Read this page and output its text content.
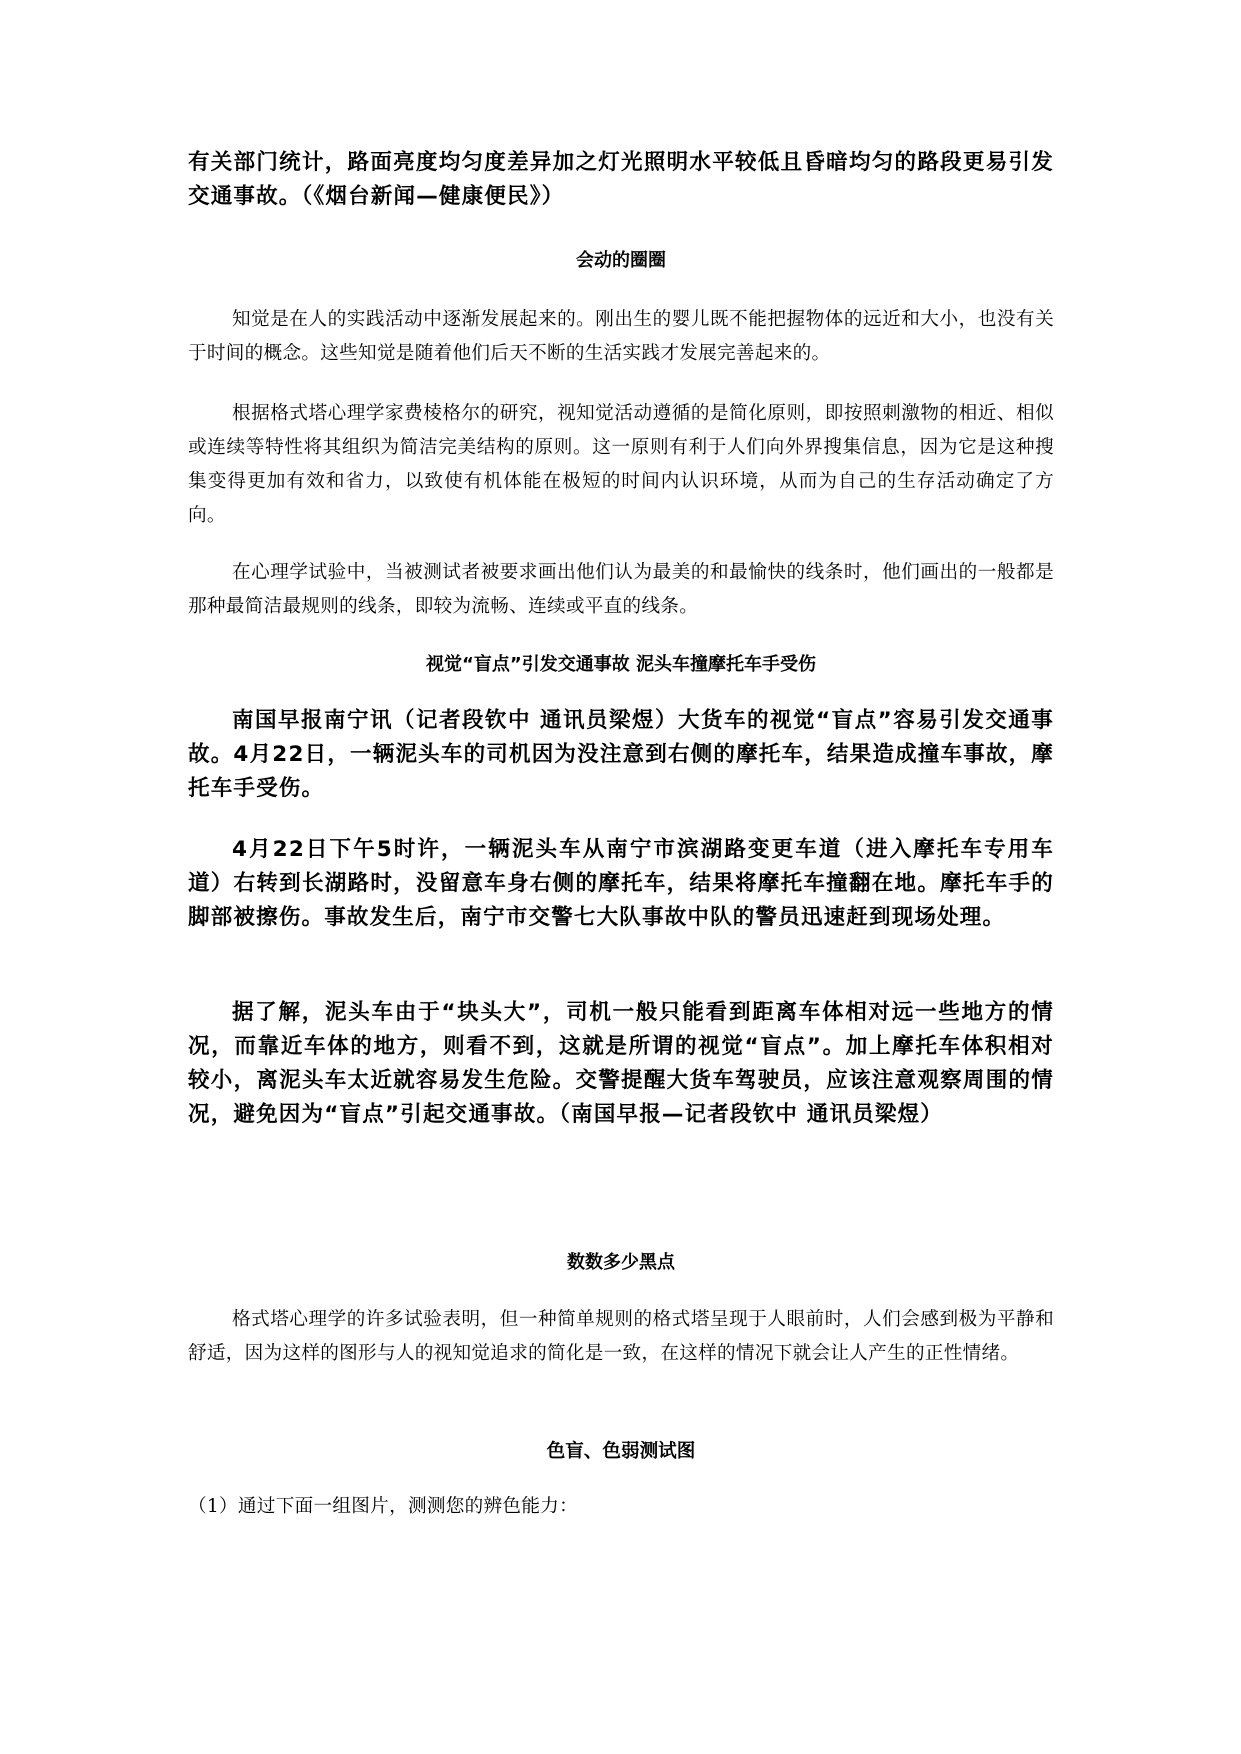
有关部门统计，路面亮度均匀度差异加之灯光照明水平较低且昏暗均匀的路段更易引发交通事故。（《烟台新闻—健康便民》）

会动的圈圈

知觉是在人的实践活动中逐渐发展起来的。刚出生的婴儿既不能把握物体的远近和大小，也没有关于时间的概念。这些知觉是随着他们后天不断的生活实践才发展完善起来的。

根据格式塔心理学家费棱格尔的研究，视知觉活动遵循的是简化原则，即按照刺激物的相近、相似或连续等特性将其组织为简洁完美结构的原则。这一原则有利于人们向外界搜集信息，因为它是这种搜集变得更加有效和省力，以致使有机体能在极短的时间内认识环境，从而为自己的生存活动确定了方向。

在心理学试验中，当被测试者被要求画出他们认为最美的和最愉快的线条时，他们画出的一般都是那种最简洁最规则的线条，即较为流畅、连续或平直的线条。

视觉“盲点”引发交通事故 泥头车撞摩托车手受伤

南国早报南宁讯（记者段钦中 通讯员梁煜）大货车的视觉“盲点”容易引发交通事故。4月22日，一辆泥头车的司机因为没注意到右侧的摩托车，结果造成撞车事故，摩托车手受伤。

4月22日下午5时许，一辆泥头车从南宁市滨湖路变更车道（进入摩托车专用车道）右转到长湖路时，没留意车身右侧的摩托车，结果将摩托车撞翻在地。摩托车手的脚部被擦伤。事故发生后，南宁市交警七大队事故中队的警员迅速赶到现场处理。

据了解，泥头车由于“块头大”，司机一般只能看到距离车体相对远一些地方的情况，而靠近车体的地方，则看不到，这就是所谓的视觉“盲点”。加上摩托车体积相对较小，离泥头车太近就容易发生危险。交警提醒大货车驾驶员，应该注意观察周围的情况，避免因为“盲点”引起交通事故。（南国早报—记者段钦中 通讯员梁煜）

数数多少黑点

格式塔心理学的许多试验表明，但一种简单规则的格式塔呈现于人眼前时，人们会感到极为平静和舒适，因为这样的图形与人的视知觉追求的简化是一致，在这样的情况下就会让人产生的正性情绪。

色盲、色弱测试图

（1）通过下面一组图片，测测您的辨色能力：
